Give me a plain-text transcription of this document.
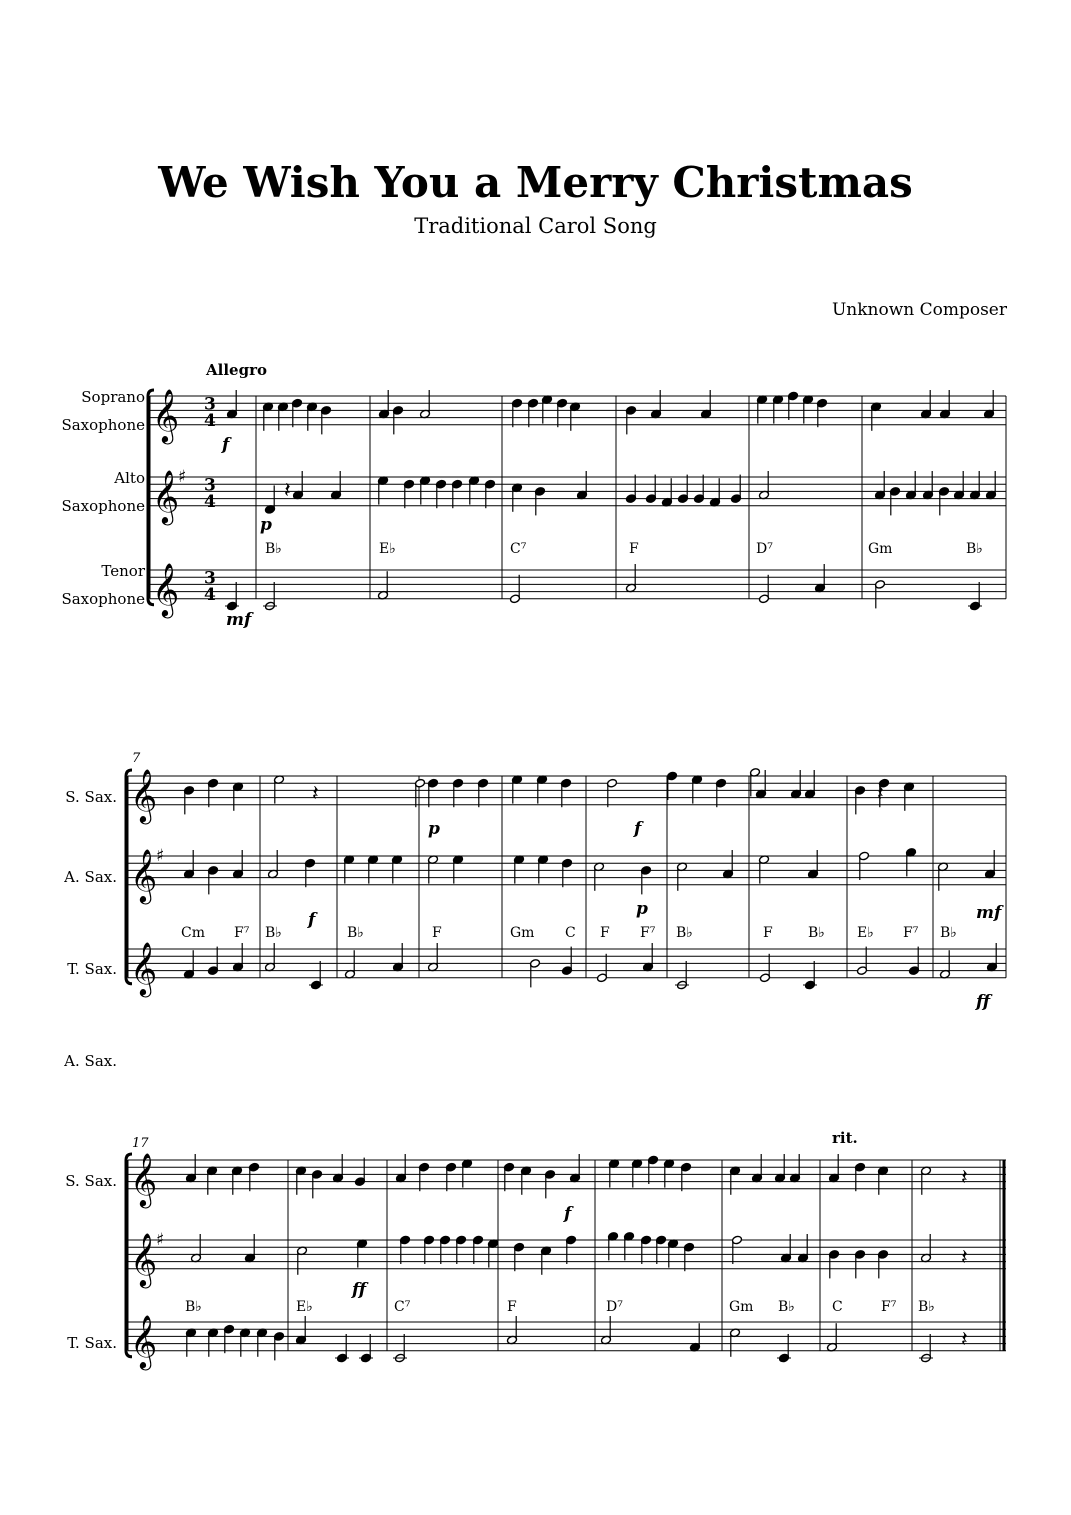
We Wish You a Merry Christmas
Traditional Carol Song
Unknown Composer
Allegro
Soprano
Saxophone
Alto
Saxophone
Tenor
Saxophone
B♭	E♭	C⁷	F	D⁷	Gm	B♭
f
p
mf
7
S. Sax.
A. Sax.
T. Sax.
Cm F⁷ B♭	B♭	F	Gm C F F⁷ B♭	F	B♭ E♭ F⁷ B♭
f
p	f
p	mf
ff
17	rit.
S. Sax.
A. Sax.
T. Sax.
B♭	E♭	C⁷	F	D⁷	Gm B♭	C	F⁷ B♭
f
ff
𝄞 3
4
𝄞
♯ 3
4
𝄞 3
4
𝄞
𝄞
♯
𝄞
𝄞
𝄞
♯
𝄞
𝄽	𝄽
𝄽
𝄽
𝄽
𝄽
